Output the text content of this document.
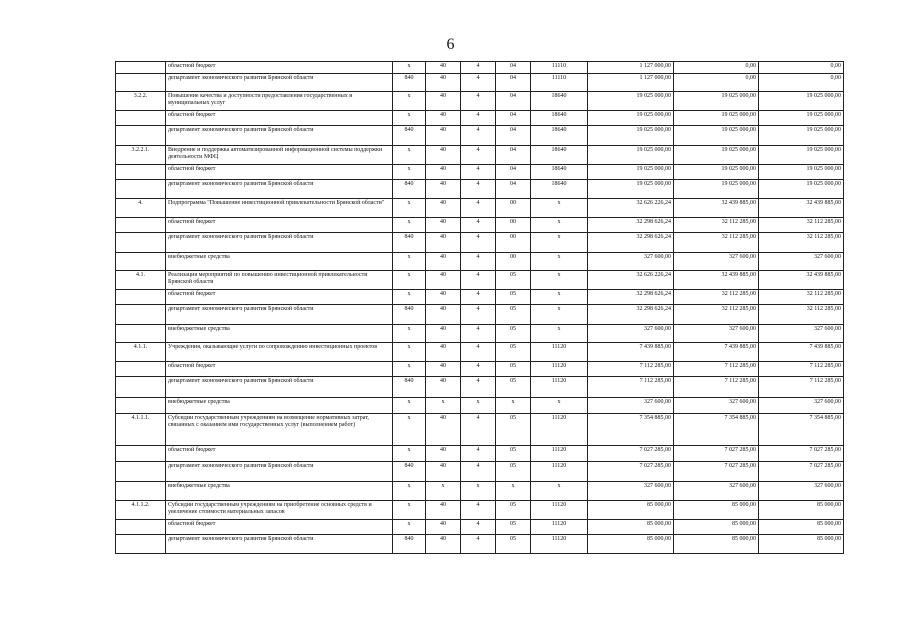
6
	областной бюджет	х	40	4	04	11110	1 127 000,00	0,00	0,00
	департамент экономического развития Брянской области	840	40	4	04	11110	1 127 000,00	0,00	0,00
3.2.2.	Повышение качества и доступности предоставления государственных и муниципальных услуг	х	40	4	04	18640	19 025 000,00	19 025 000,00	19 025 000,00
	областной бюджет	х	40	4	04	18640	19 025 000,00	19 025 000,00	19 025 000,00
	департамент экономического развития Брянской области	840	40	4	04	18640	19 025 000,00	19 025 000,00	19 025 000,00
3.2.2.1.	Внедрение и поддержка автоматизированной информационной системы поддержки деятельности МФЦ	х	40	4	04	18640	19 025 000,00	19 025 000,00	19 025 000,00
	областной бюджет	х	40	4	04	18640	19 025 000,00	19 025 000,00	19 025 000,00
	департамент экономического развития Брянской области	840	40	4	04	18640	19 025 000,00	19 025 000,00	19 025 000,00
4.	Подпрограмма "Повышение инвестиционной привлекательности Брянской области"	х	40	4	00	х	32 626 226,24	32 439 885,00	32 439 885,00
	областной бюджет	х	40	4	00	х	32 298 626,24	32 112 285,00	32 112 285,00
	департамент экономического развития Брянской области	840	40	4	00	х	32 298 626,24	32 112 285,00	32 112 285,00
	внебюджетные средства	х	40	4	00	х	327 600,00	327 600,00	327 600,00
4.1.	Реализация мероприятий по повышению инвестиционной привлекательности Брянской области	х	40	4	05	х	32 626 226,24	32 439 885,00	32 439 885,00
	областной бюджет	х	40	4	05	х	32 298 626,24	32 112 285,00	32 112 285,00
	департамент экономического развития Брянской области	840	40	4	05	х	32 298 626,24	32 112 285,00	32 112 285,00
	внебюджетные средства	х	40	4	05	х	327 600,00	327 600,00	327 600,00
4.1.1.	Учреждения, оказывающие услуги по сопровождению инвестиционных проектов	х	40	4	05	11120	7 439 885,00	7 439 885,00	7 439 885,00
	областной бюджет	х	40	4	05	11120	7 112 285,00	7 112 285,00	7 112 285,00
	департамент экономического развития Брянской области	840	40	4	05	11120	7 112 285,00	7 112 285,00	7 112 285,00
	внебюджетные средства	х	х	х	х	х	327 600,00	327 600,00	327 600,00
4.1.1.1.	Субсидии государственным учреждениям на возмещение нормативных затрат, связанных с оказанием ими государственных услуг (выполнением работ)	х	40	4	05	11120	7 354 885,00	7 354 885,00	7 354 885,00
	областной бюджет	х	40	4	05	11120	7 027 285,00	7 027 285,00	7 027 285,00
	департамент экономического развития Брянской области	840	40	4	05	11120	7 027 285,00	7 027 285,00	7 027 285,00
	внебюджетные средства	х	х	х	х	х	327 600,00	327 600,00	327 600,00
4.1.1.2.	Субсидии государственным учреждениям на приобретение основных средств и увеличение стоимости материальных запасов	х	40	4	05	11120	85 000,00	85 000,00	85 000,00
	областной бюджет	х	40	4	05	11120	85 000,00	85 000,00	85 000,00
	департамент экономического развития Брянской области	840	40	4	05	11120	85 000,00	85 000,00	85 000,00
